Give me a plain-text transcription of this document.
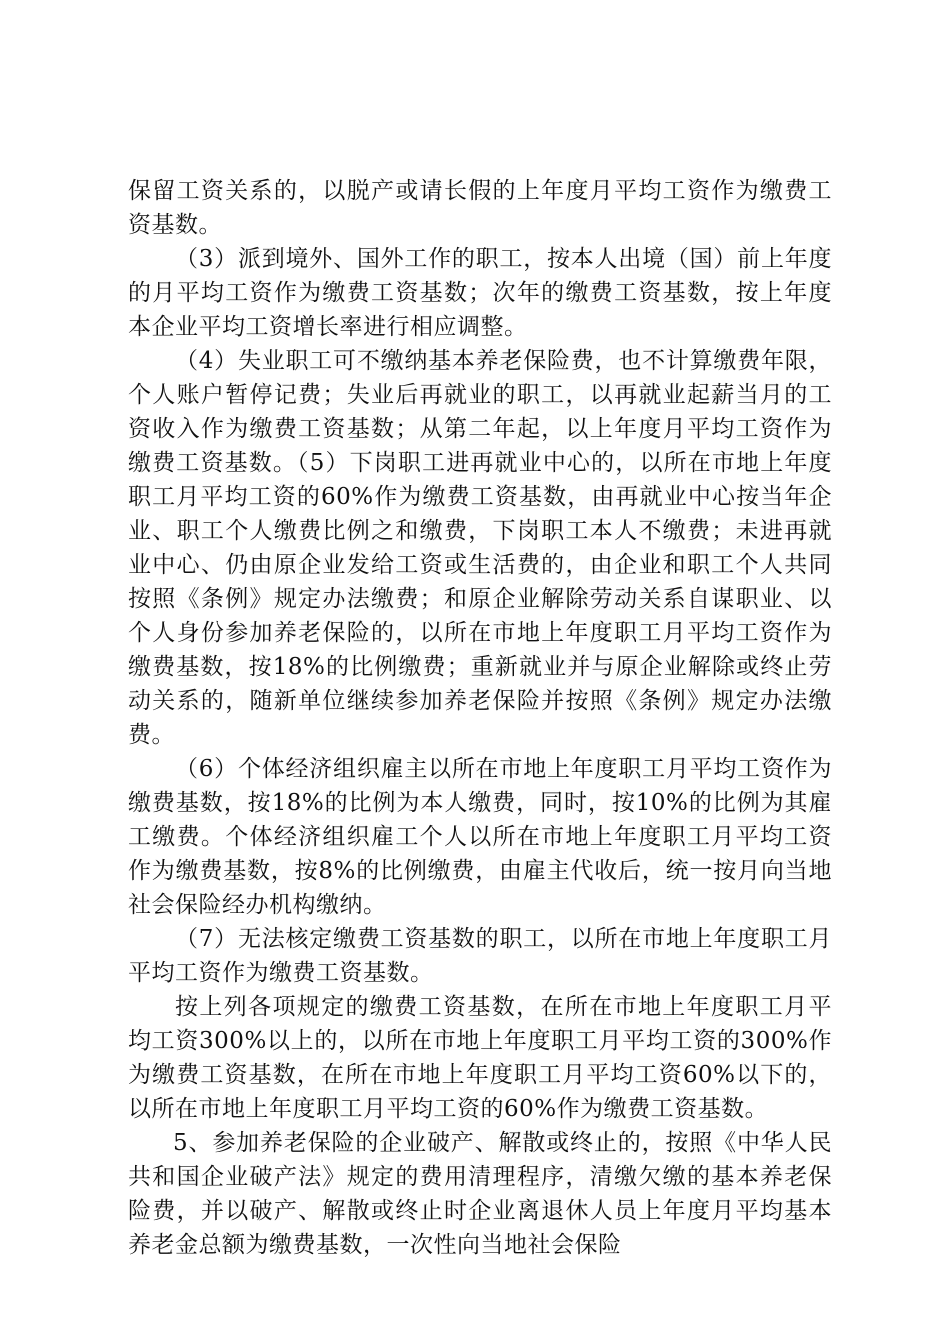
保留工资关系的，以脱产或请长假的上年度月平均工资作为缴费工资基数。

（3）派到境外、国外工作的职工，按本人出境（国）前上年度的月平均工资作为缴费工资基数；次年的缴费工资基数，按上年度本企业平均工资增长率进行相应调整。

（4）失业职工可不缴纳基本养老保险费，也不计算缴费年限，个人账户暂停记费；失业后再就业的职工，以再就业起薪当月的工资收入作为缴费工资基数；从第二年起，以上年度月平均工资作为缴费工资基数。（5）下岗职工进再就业中心的，以所在市地上年度职工月平均工资的60%作为缴费工资基数，由再就业中心按当年企业、职工个人缴费比例之和缴费，下岗职工本人不缴费；未进再就业中心、仍由原企业发给工资或生活费的，由企业和职工个人共同按照《条例》规定办法缴费；和原企业解除劳动关系自谋职业、以个人身份参加养老保险的，以所在市地上年度职工月平均工资作为缴费基数，按18%的比例缴费；重新就业并与原企业解除或终止劳动关系的，随新单位继续参加养老保险并按照《条例》规定办法缴费。

（6）个体经济组织雇主以所在市地上年度职工月平均工资作为缴费基数，按18%的比例为本人缴费，同时，按10%的比例为其雇工缴费。个体经济组织雇工个人以所在市地上年度职工月平均工资作为缴费基数，按8%的比例缴费，由雇主代收后，统一按月向当地社会保险经办机构缴纳。

（7）无法核定缴费工资基数的职工，以所在市地上年度职工月平均工资作为缴费工资基数。

按上列各项规定的缴费工资基数，在所在市地上年度职工月平均工资300%以上的，以所在市地上年度职工月平均工资的300%作为缴费工资基数，在所在市地上年度职工月平均工资60%以下的，以所在市地上年度职工月平均工资的60%作为缴费工资基数。

5、参加养老保险的企业破产、解散或终止的，按照《中华人民共和国企业破产法》规定的费用清理程序，清缴欠缴的基本养老保险费，并以破产、解散或终止时企业离退休人员上年度月平均基本养老金总额为缴费基数，一次性向当地社会保险
